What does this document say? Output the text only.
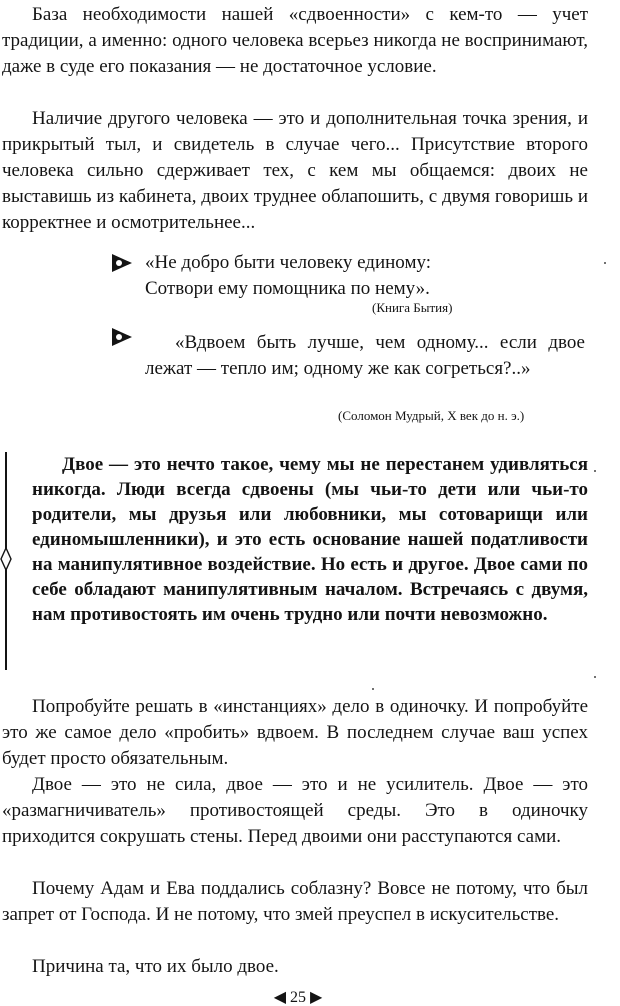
База необходимости нашей «сдвоенности» с кем-то — учет традиции, а именно: одного человека всерьез никогда не воспринимают, даже в суде его показания — не достаточное условие.

Наличие другого человека — это и дополнительная точка зрения, и прикрытый тыл, и свидетель в случае чего... Присутствие второго человека сильно сдерживает тех, с кем мы общаемся: двоих не выставишь из кабинета, двоих труднее облапошить, с двумя говоришь и корректнее и осмотрительнее...

«Не добро быти человеку единому: Сотвори ему помощника по нему».

(Книга Бытия)

«Вдвоем быть лучше, чем одному... если двое лежат — тепло им; одному же как согреться?..»

(Соломон Мудрый, X век до н. э.)

Двое — это нечто такое, чему мы не перестанем удивляться никогда. Люди всегда сдвоены (мы чьи-то дети или чьи-то родители, мы друзья или любовники, мы сотоварищи или единомышленники), и это есть основание нашей податливости на манипулятивное воздействие. Но есть и другое. Двое сами по себе обладают манипулятивным началом. Встречаясь с двумя, нам противостоять им очень трудно или почти невозможно.

Попробуйте решать в «инстанциях» дело в одиночку. И попробуйте это же самое дело «пробить» вдвоем. В последнем случае ваш успех будет просто обязательным.

Двое — это не сила, двое — это и не усилитель. Двое — это «размагничиватель» противостоящей среды. Это в одиночку приходится сокрушать стены. Перед двоими они расступаются сами.

Почему Адам и Ева поддались соблазну? Вовсе не потому, что был запрет от Господа. И не потому, что змей преуспел в искусительстве.

Причина та, что их было двое.

◀ 25 ▶
